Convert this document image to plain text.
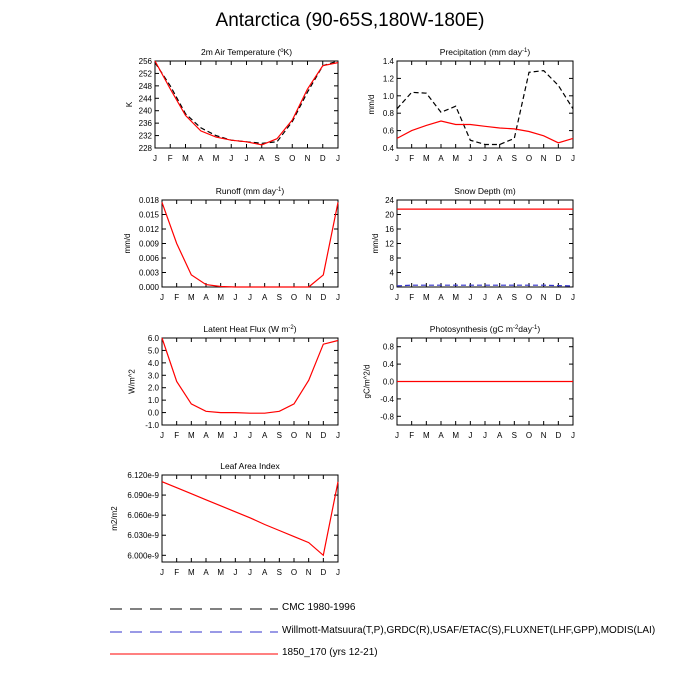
Antarctica (90-65S,180W-180E)
2m Air Temperature ($^o$K)
J F M A M J J A S O N D J
228
232
236
240
244
248
252
256
K
Precipitation (mm day$^{-1}$)
J F M A M J J A S O N D J
0.4
0.6
0.8
1.0
1.2
1.4
mm/d
Runoff (mm day$^{-1}$)
J F M A M J J A S O N D J
0.000
0.003
0.006
0.009
0.012
0.015
0.018
mm/d
Snow Depth (m)
J F M A M J J A S O N D J
0
4
8
12
16
20
24
mm/d
Latent Heat Flux (W $m^{-2}$)
J F M A M J J A S O N D J
-1.0
0.0
1.0
2.0
3.0
4.0
5.0
6.0
W/m^2
Photosynthesis (gC $m^{-2}day^{-1}$)
J F M A M J J A S O N D J
-0.8
-0.4
0.0
0.4
0.8
gC/m^2/d
Leaf Area Index
J F M A M J J A S O N D J
6.000e-9
6.030e-9
6.060e-9
6.090e-9
6.120e-9
m2/m2
CMC 1980-1996
Willmott-Matsuura(T,P),GRDC(R),USAF/ETAC(S),FLUXNET(LHF,GPP),MODIS(LAI)
1850_170 (yrs 12-21)
